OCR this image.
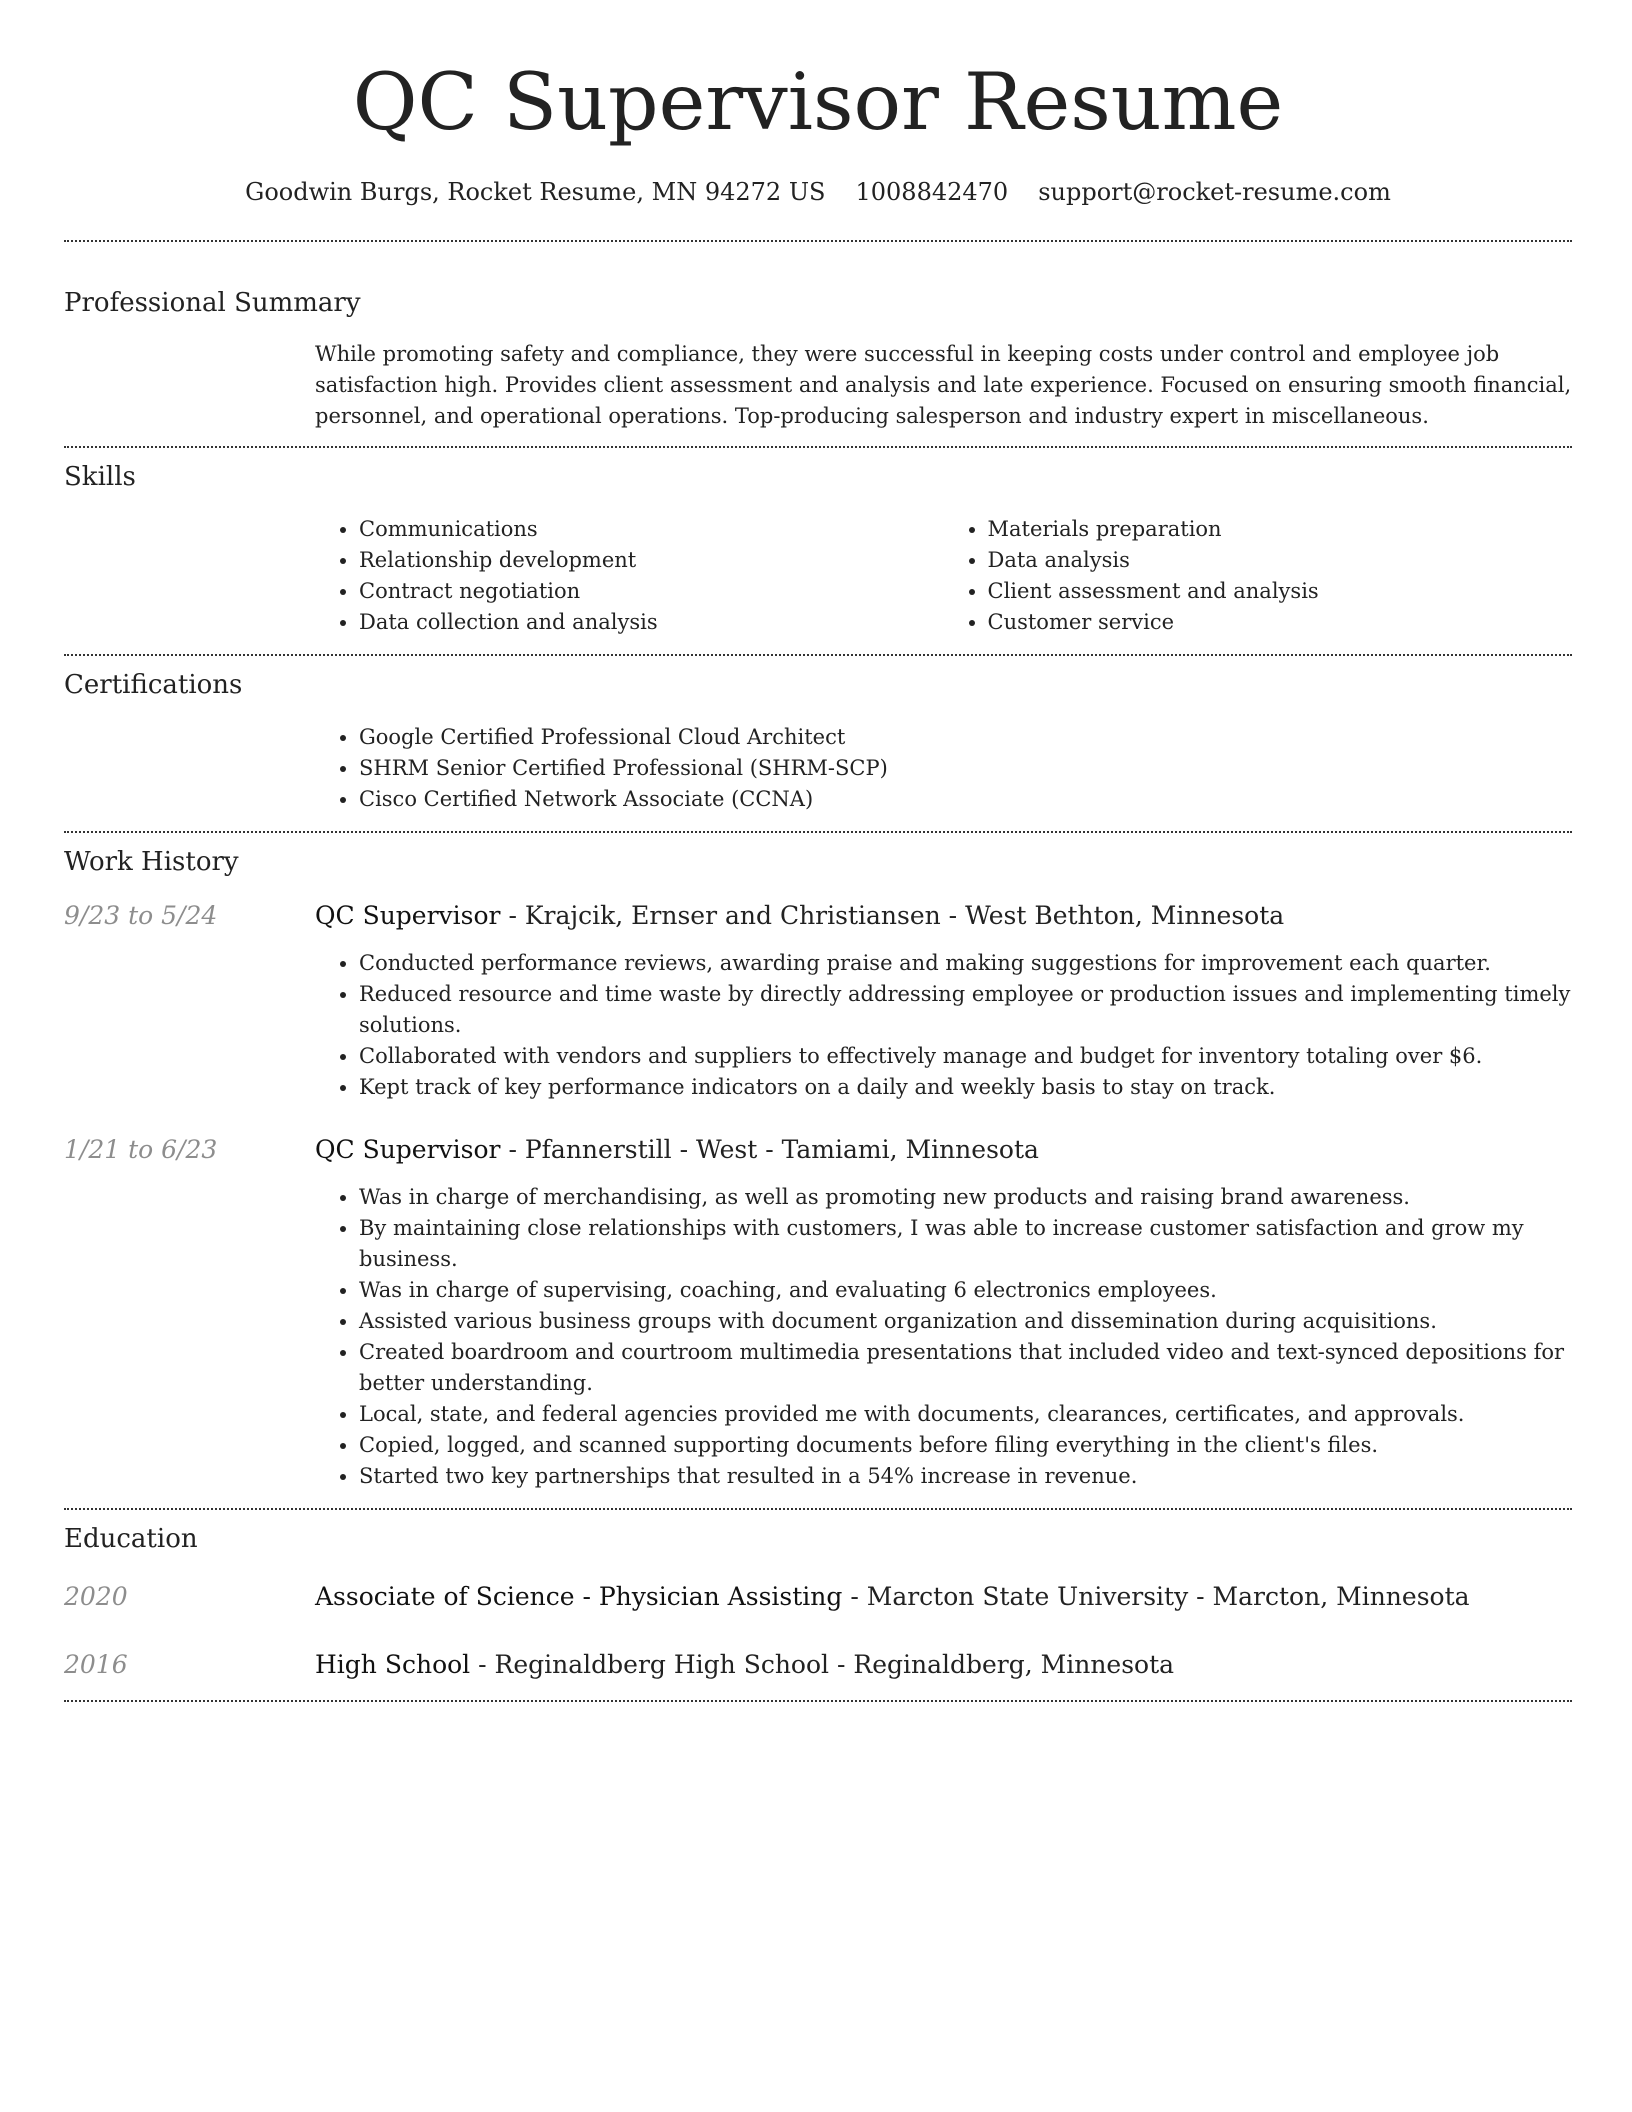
QC Supervisor Resume
Goodwin Burgs, Rocket Resume, MN 94272 US 1008842470 support@rocket-resume.com
Professional Summary
While promoting safety and compliance, they were successful in keeping costs under control and employee job satisfaction high. Provides client assessment and analysis and late experience. Focused on ensuring smooth financial, personnel, and operational operations. Top-producing salesperson and industry expert in miscellaneous.
Skills
• Communications
• Relationship development
• Contract negotiation
• Data collection and analysis
• Materials preparation
• Data analysis
• Client assessment and analysis
• Customer service
Certifications
• Google Certified Professional Cloud Architect
• SHRM Senior Certified Professional (SHRM-SCP)
• Cisco Certified Network Associate (CCNA)
Work History
9/23 to 5/24	QC Supervisor - Krajcik, Ernser and Christiansen - West Bethton, Minnesota
• Conducted performance reviews, awarding praise and making suggestions for improvement each quarter.
• Reduced resource and time waste by directly addressing employee or production issues and implementing timely solutions.
• Collaborated with vendors and suppliers to effectively manage and budget for inventory totaling over $6.
• Kept track of key performance indicators on a daily and weekly basis to stay on track.
1/21 to 6/23	QC Supervisor - Pfannerstill - West - Tamiami, Minnesota
• Was in charge of merchandising, as well as promoting new products and raising brand awareness.
• By maintaining close relationships with customers, I was able to increase customer satisfaction and grow my business.
• Was in charge of supervising, coaching, and evaluating 6 electronics employees.
• Assisted various business groups with document organization and dissemination during acquisitions.
• Created boardroom and courtroom multimedia presentations that included video and text-synced depositions for better understanding.
• Local, state, and federal agencies provided me with documents, clearances, certificates, and approvals.
• Copied, logged, and scanned supporting documents before filing everything in the client's files.
• Started two key partnerships that resulted in a 54% increase in revenue.
Education
2020	Associate of Science - Physician Assisting - Marcton State University - Marcton, Minnesota
2016	High School - Reginaldberg High School - Reginaldberg, Minnesota
